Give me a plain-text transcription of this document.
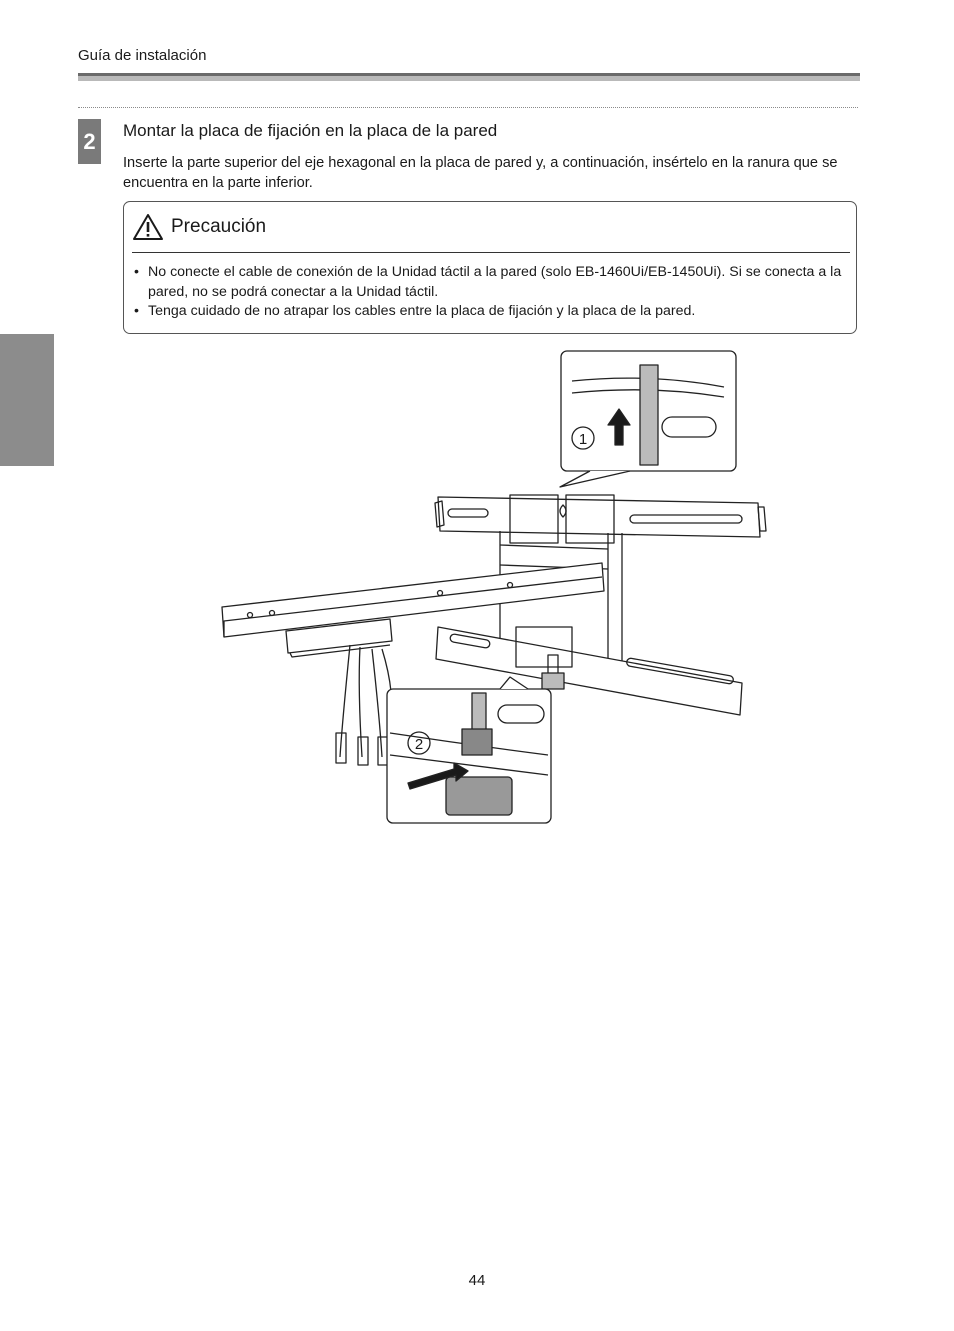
Guía de instalación
2	Montar la placa de fijación en la placa de la pared
Inserte la parte superior del eje hexagonal en la placa de pared y, a continuación, insértelo en la ranura que se encuentra en la parte inferior.
Precaución
• No conecte el cable de conexión de la Unidad táctil a la pared (solo EB-1460Ui/EB-1450Ui). Si se conecta a la pared, no se podrá conectar a la Unidad táctil.
• Tenga cuidado de no atrapar los cables entre la placa de fijación y la placa de la pared.
1
2
44
